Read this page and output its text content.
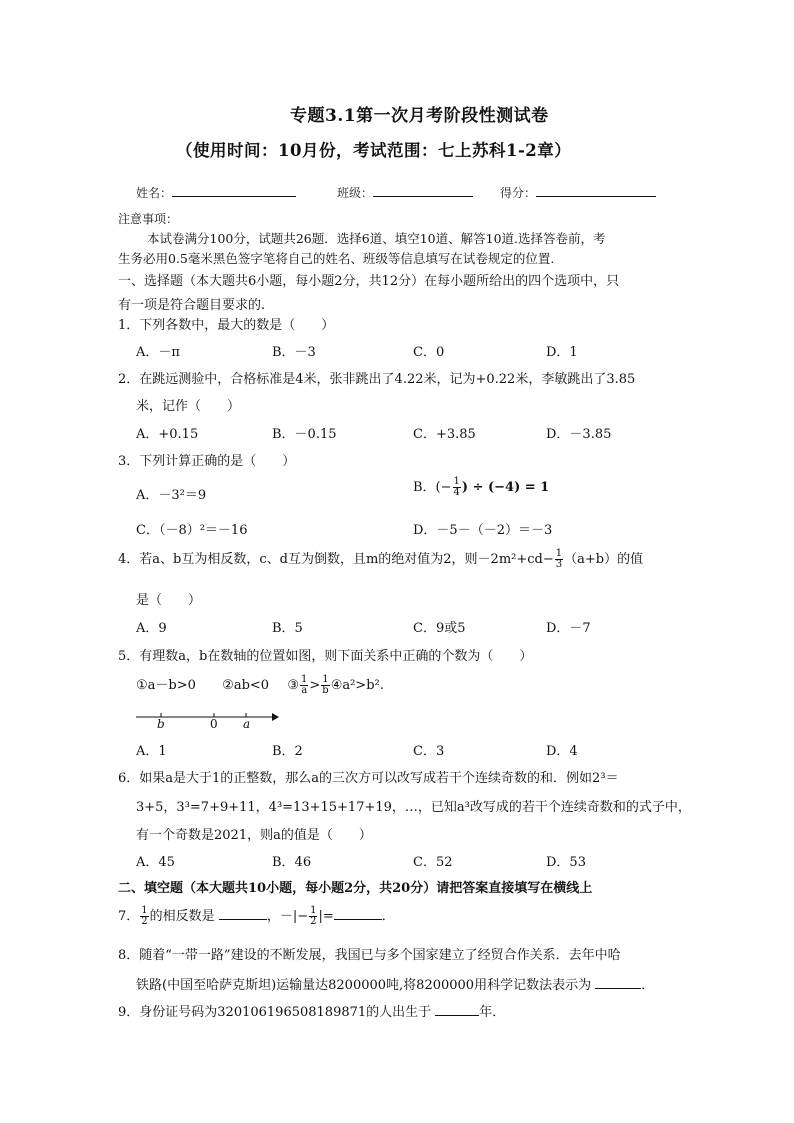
专题3.1第一次月考阶段性测试卷
（使用时间：10月份，考试范围：七上苏科1-2章）
姓名：	班级：	得分：
注意事项：
本试卷满分100分，试题共26题．选择6道、填空10道、解答10道.选择答卷前，考
生务必用0.5毫米黑色签字笔将自己的姓名、班级等信息填写在试卷规定的位置.
一、选择题（本大题共6小题，每小题2分，共12分）在每小题所给出的四个选项中，只
有一项是符合题目要求的.
1．下列各数中，最大的数是（　　）
A．－π	B．－3	C．0	D．1
2．在跳远测验中，合格标准是4米，张非跳出了4.22米，记为+0.22米，李敏跳出了3.85
米，记作（　　）
A．+0.15	B．－0.15	C．+3.85	D．－3.85
3．下列计算正确的是（　　）
A．－3²＝9
B．(− $\frac{1}{4}$ ) ÷ (−4) = 1
C．（－8）²＝－16	D．－5－（－2）＝－3
4．若a、b互为相反数，c、d互为倒数，且m的绝对值为2，则$-2m^2+cd- \frac{1}{3} (a+b)$的值
是（　　）
A．9	B．5	C．9或5	D．－7
5．有理数a，b在数轴的位置如图，则下面关系中正确的个数为（　　）
①a－b>0 ②ab<0 ③ $\frac{1}{a} > \frac{1}{b}$ ④a²>b².
b	0 a
A．1	B．2	C．3	D．4
6．如果a是大于1的正整数，那么a的三次方可以改写成若干个连续奇数的和．例如2³＝
3+5，3³=7+9+11，4³=13+15+17+19，…，已知a³改写成的若干个连续奇数和的式子中，
有一个奇数是2021，则a的值是（　　）
A．45	B．46	C．52	D．53
二、填空题（本大题共10小题，每小题2分，共20分）请把答案直接填写在横线上
7． $\frac{1}{2}$ 的相反数是	，－|− $\frac{1}{2}$ |=	．
8．随着“一带一路”建设的不断发展，我国已与多个国家建立了经贸合作关系．去年中哈
铁路(中国至哈萨克斯坦)运输量达8200000吨,将8200000用科学记数法表示为	．
9．身份证号码为320106196508189871的人出生于	年．
